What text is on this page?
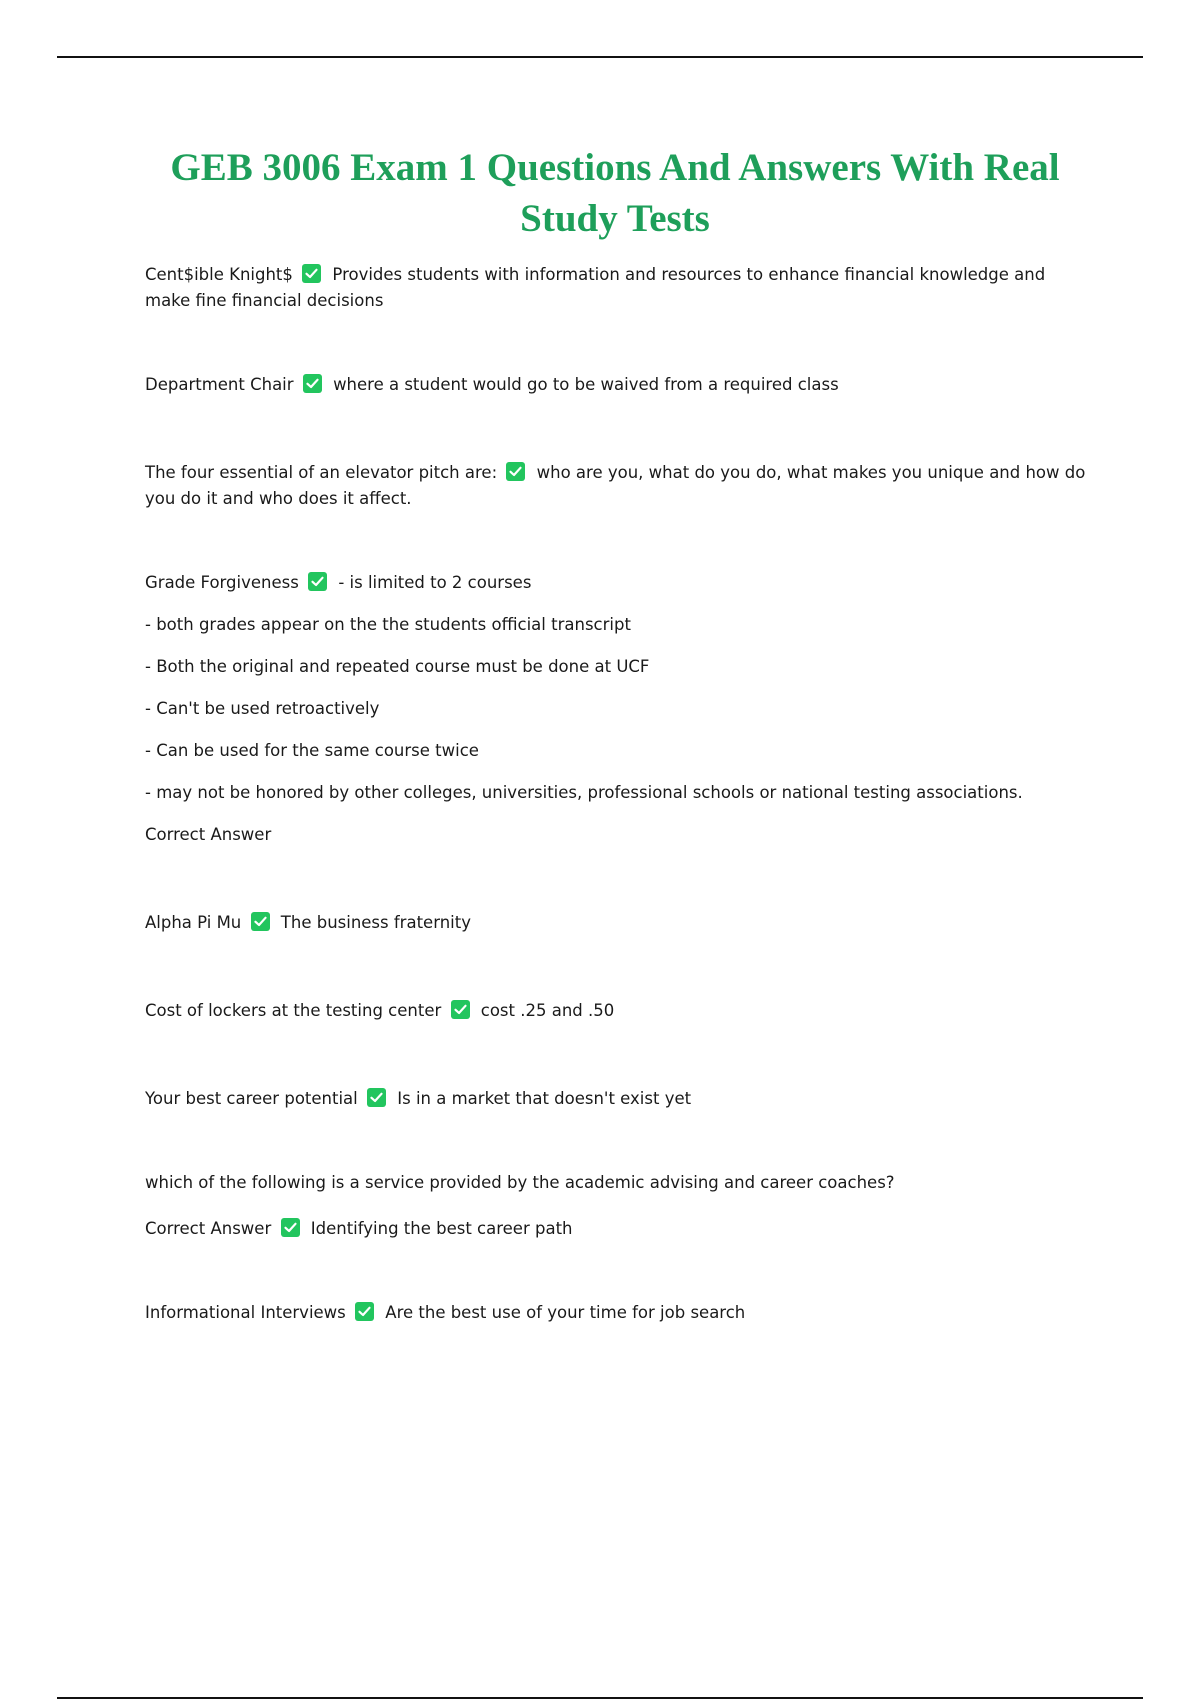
GEB 3006 Exam 1 Questions And Answers With Real Study Tests

Cent$ible Knight$ Provides students with information and resources to enhance financial knowledge and make fine financial decisions

Department Chair where a student would go to be waived from a required class

The four essential of an elevator pitch are: who are you, what do you do, what makes you unique and how do you do it and who does it affect.

Grade Forgiveness - is limited to 2 courses

- both grades appear on the the students official transcript

- Both the original and repeated course must be done at UCF

- Can't be used retroactively

- Can be used for the same course twice

- may not be honored by other colleges, universities, professional schools or national testing associations.

Correct Answer

Alpha Pi Mu The business fraternity

Cost of lockers at the testing center cost .25 and .50

Your best career potential Is in a market that doesn't exist yet

which of the following is a service provided by the academic advising and career coaches?

Correct Answer Identifying the best career path

Informational Interviews Are the best use of your time for job search
